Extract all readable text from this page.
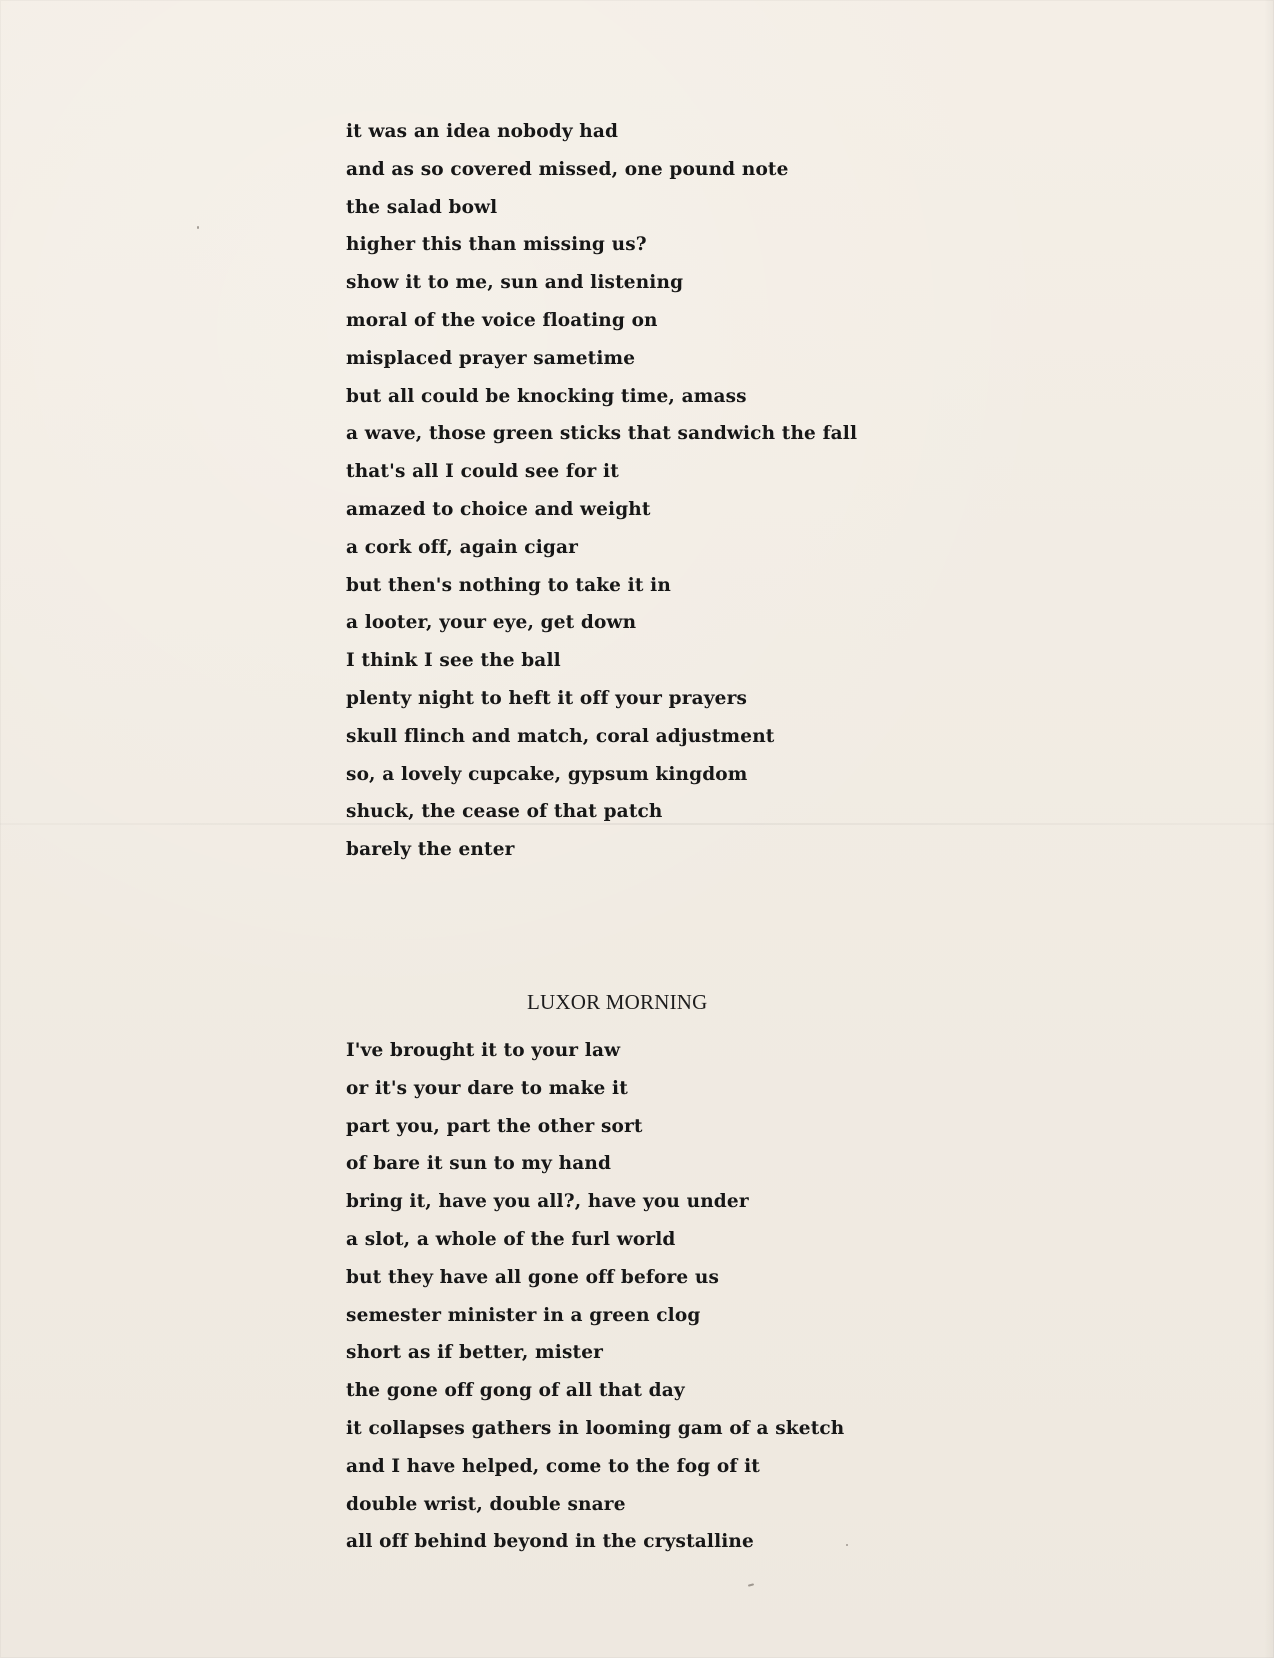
it was an idea nobody had
and as so covered missed, one pound note
the salad bowl
higher this than missing us?
show it to me, sun and listening
moral of the voice floating on
misplaced prayer sametime
but all could be knocking time, amass
a wave, those green sticks that sandwich the fall
that's all I could see for it
amazed to choice and weight
a cork off, again cigar
but then's nothing to take it in
a looter, your eye, get down
I think I see the ball
plenty night to heft it off your prayers
skull flinch and match, coral adjustment
so, a lovely cupcake, gypsum kingdom
shuck, the cease of that patch
barely the enter
LUXOR MORNING
I've brought it to your law
or it's your dare to make it
part you, part the other sort
of bare it sun to my hand
bring it, have you all?, have you under
a slot, a whole of the furl world
but they have all gone off before us
semester minister in a green clog
short as if better, mister
the gone off gong of all that day
it collapses gathers in looming gam of a sketch
and I have helped, come to the fog of it
double wrist, double snare
all off behind beyond in the crystalline
